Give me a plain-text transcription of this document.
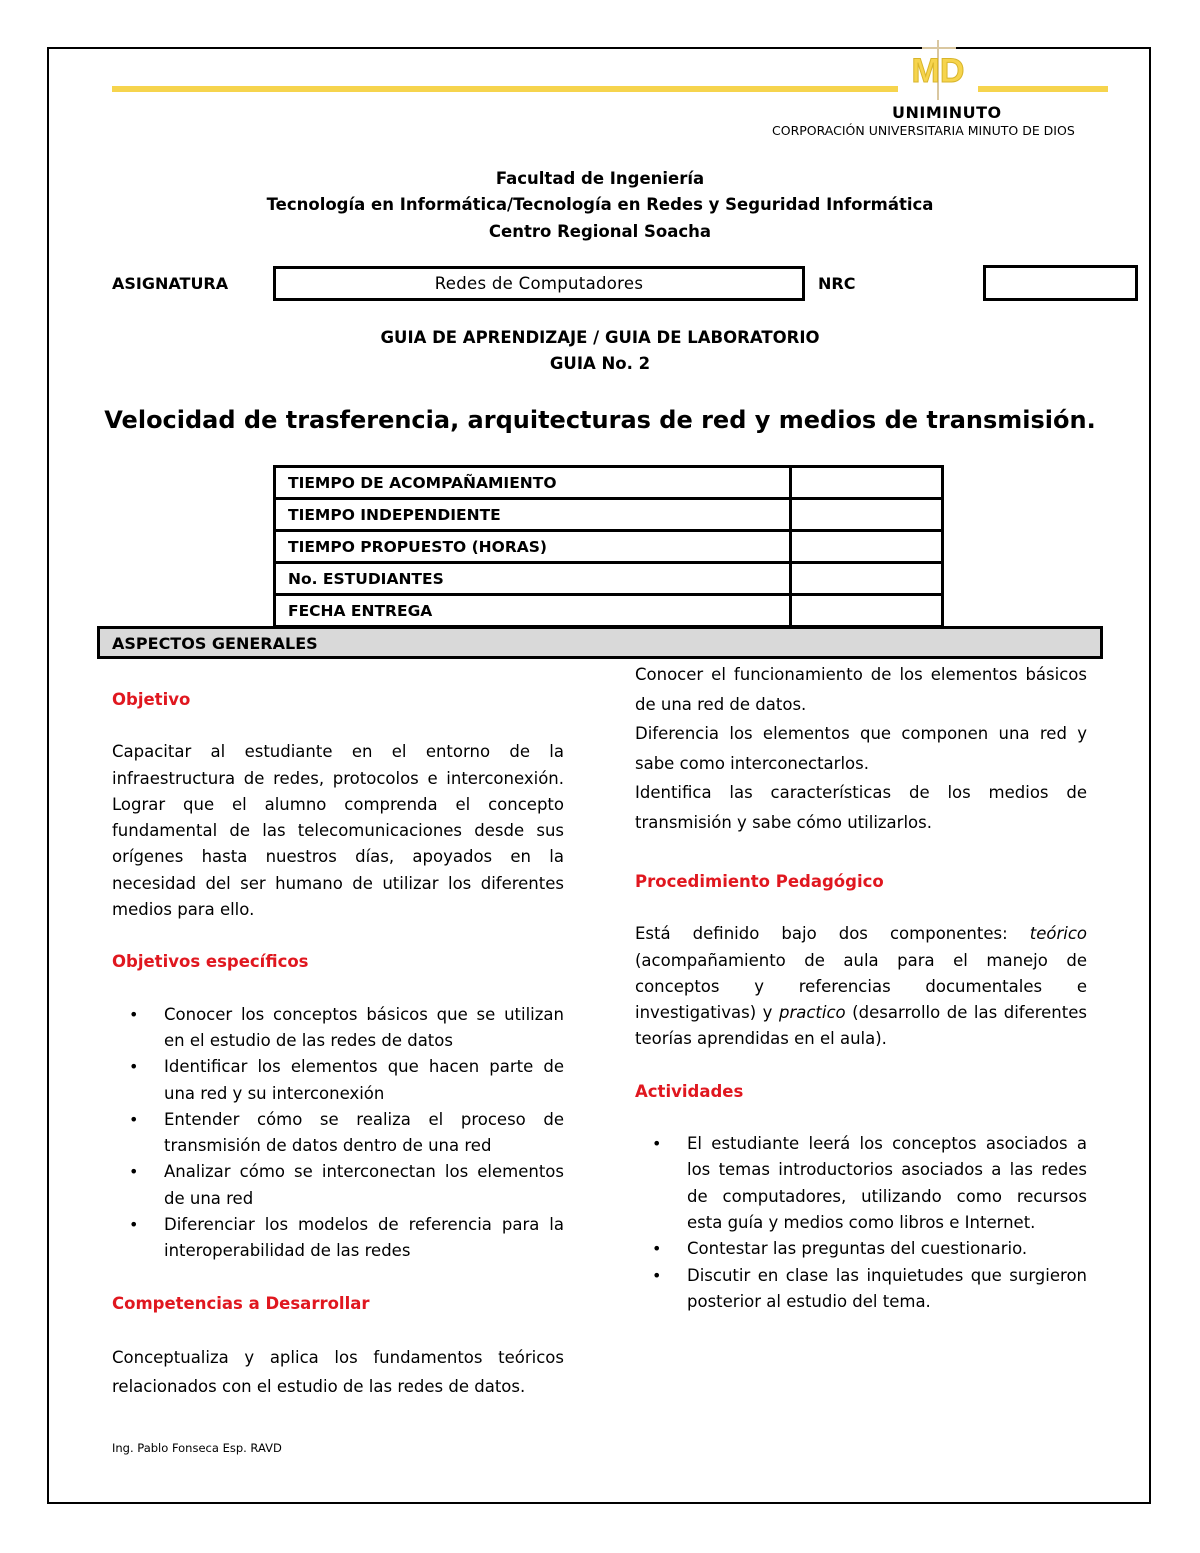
MD
UNIMINUTO
CORPORACIÓN UNIVERSITARIA MINUTO DE DIOS
Facultad de Ingeniería
Tecnología en Informática/Tecnología en Redes y Seguridad Informática
Centro Regional Soacha
ASIGNATURA	Redes de Computadores	NRC
GUIA DE APRENDIZAJE / GUIA DE LABORATORIO
GUIA No. 2
Velocidad de trasferencia, arquitecturas de red y medios de transmisión.
TIEMPO DE ACOMPAÑAMIENTO	
TIEMPO INDEPENDIENTE	
TIEMPO PROPUESTO (HORAS)	
No. ESTUDIANTES	
FECHA ENTREGA	
ASPECTOS GENERALES
Objetivo
Capacitar al estudiante en el entorno de la infraestructura de redes, protocolos e interconexión. Lograr que el alumno comprenda el concepto fundamental de las telecomunicaciones desde sus orígenes hasta nuestros días, apoyados en la necesidad del ser humano de utilizar los diferentes medios para ello.
Objetivos específicos
• Conocer los conceptos básicos que se utilizan en el estudio de las redes de datos
• Identificar los elementos que hacen parte de una red y su interconexión
• Entender cómo se realiza el proceso de transmisión de datos dentro de una red
• Analizar cómo se interconectan los elementos de una red
• Diferenciar los modelos de referencia para la interoperabilidad de las redes
Competencias a Desarrollar
Conceptualiza y aplica los fundamentos teóricos relacionados con el estudio de las redes de datos.
Conocer el funcionamiento de los elementos básicos de una red de datos.
Diferencia los elementos que componen una red y sabe como interconectarlos.
Identifica las características de los medios de transmisión y sabe cómo utilizarlos.
Procedimiento Pedagógico
Está definido bajo dos componentes: teórico (acompañamiento de aula para el manejo de conceptos y referencias documentales e investigativas) y practico (desarrollo de las diferentes teorías aprendidas en el aula).
Actividades
• El estudiante leerá los conceptos asociados a los temas introductorios asociados a las redes de computadores, utilizando como recursos esta guía y medios como libros e Internet.
• Contestar las preguntas del cuestionario.
• Discutir en clase las inquietudes que surgieron posterior al estudio del tema.
Ing. Pablo Fonseca Esp. RAVD
